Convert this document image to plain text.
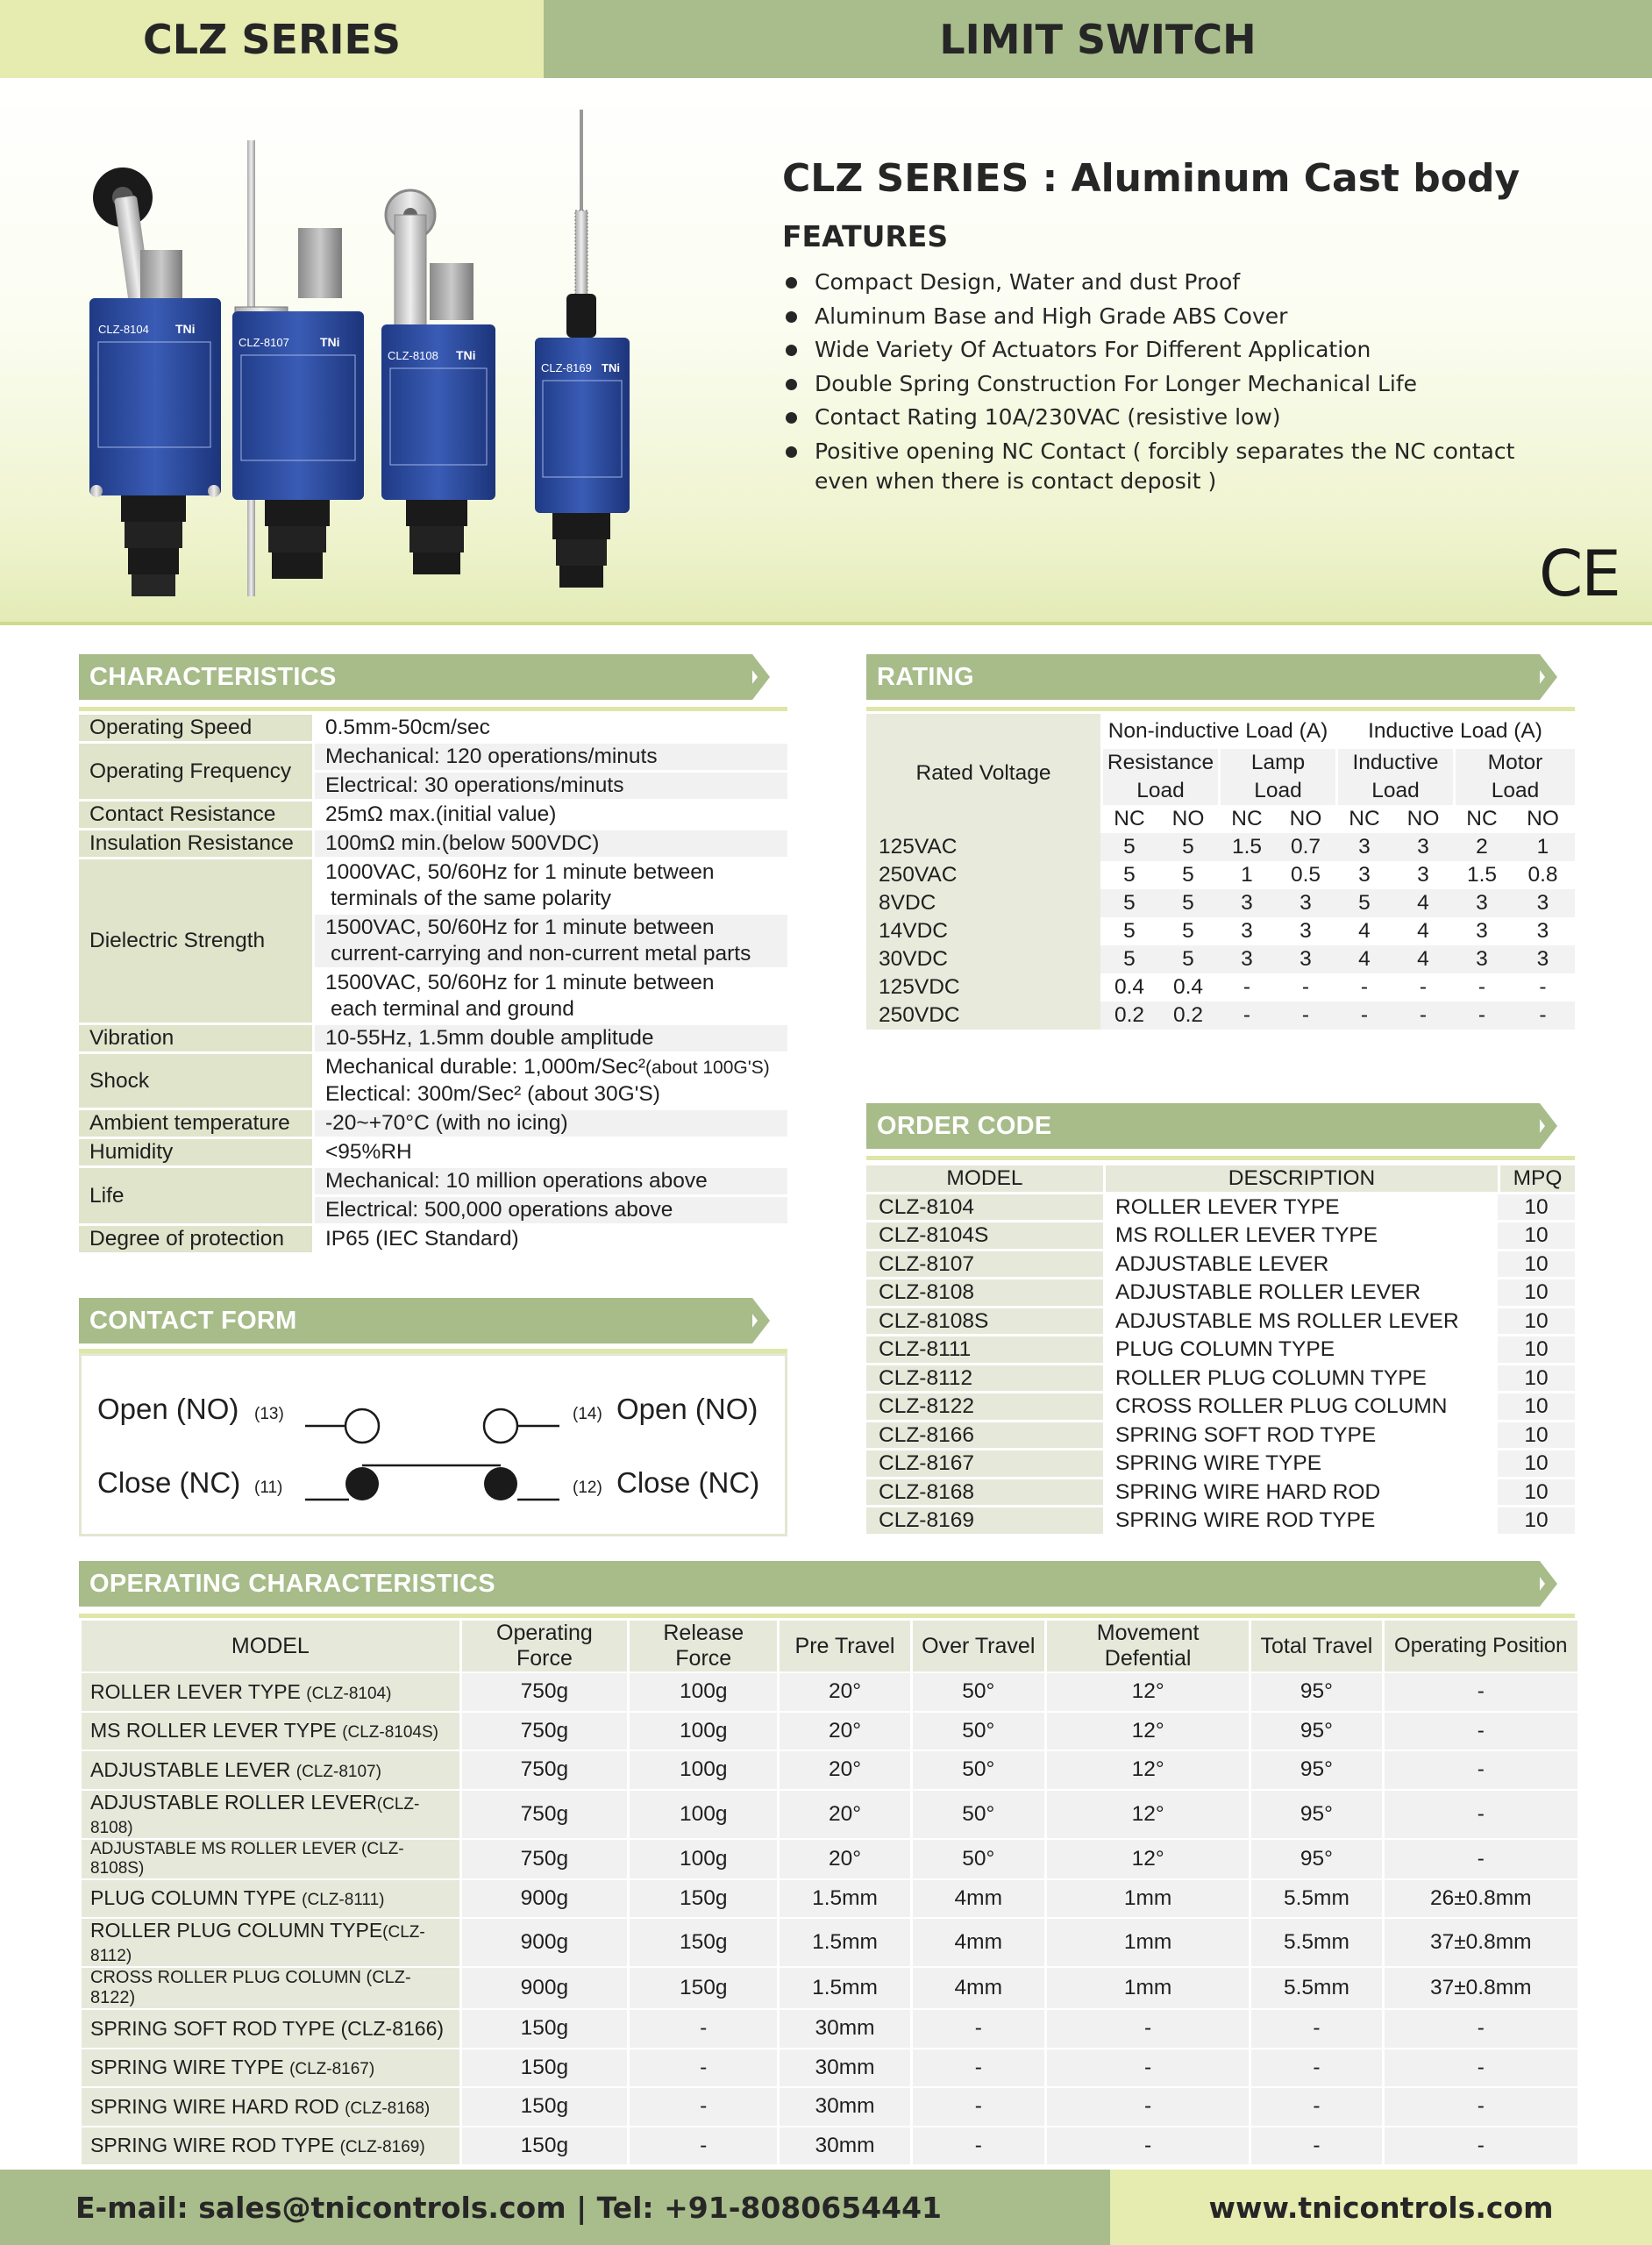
CLZ SERIES	LIMIT SWITCH
CLZ-8104 TNi
CLZ-8107	TNi
CLZ-8108 TNi
CLZ-8169 TNi
CLZ SERIES : Aluminum Cast body
FEATURES
Compact Design, Water and dust Proof
Aluminum Base and High Grade ABS Cover
Wide Variety Of Actuators For Different Application
Double Spring Construction For Longer Mechanical Life
Contact Rating 10A/230VAC (resistive low)
Positive opening NC Contact ( forcibly separates the NC contact even when there is contact deposit )
CE
CHARACTERISTICS
Operating Speed	0.5mm-50cm/sec
Operating Frequency	Mechanical: 120 operations/minuts
	Electrical: 30 operations/minuts
Contact Resistance	25mΩ max.(initial value)
Insulation Resistance	100mΩ min.(below 500VDC)
Dielectric Strength	1000VAC, 50/60Hz for 1 minute between
terminals of the same polarity

	1500VAC, 50/60Hz for 1 minute between
current-carrying and non-current metal parts

	1500VAC, 50/60Hz for 1 minute between
each terminal and ground

Vibration	10-55Hz, 1.5mm double amplitude
Shock	Mechanical durable: 1,000m/Sec²(about 100G'S)
Electical: 300m/Sec² (about 30G'S)

Ambient temperature	-20~+70°C (with no icing)
Humidity	<95%RH
Life	Mechanical: 10 million operations above
	Electrical: 500,000 operations above
Degree of protection	IP65 (IEC Standard)
CONTACT FORM
Open (NO) (13)	(14) Open (NO)
Close (NC) (11)	(12) Close (NC)
RATING
Rated Voltage	Non-inductive Load (A)				Inductive Load (A)			
	Resistance		Lamp		Inductive		Motor	
	Load		Load		Load		Load	
	NC	NO	NC	NO	NC	NO	NC	NO
125VAC	5	5	1.5	0.7	3	3	2	1
250VAC	5	5	1	0.5	3	3	1.5	0.8
8VDC	5	5	3	3	5	4	3	3
14VDC	5	5	3	3	4	4	3	3
30VDC	5	5	3	3	4	4	3	3
125VDC	0.4	0.4	-	-	-	-	-	-
250VDC	0.2	0.2	-	-	-	-	-	-
ORDER CODE
MODEL	DESCRIPTION	MPQ
CLZ-8104	ROLLER LEVER TYPE	10
CLZ-8104S	MS ROLLER LEVER TYPE	10
CLZ-8107	ADJUSTABLE LEVER	10
CLZ-8108	ADJUSTABLE ROLLER LEVER	10
CLZ-8108S	ADJUSTABLE MS ROLLER LEVER	10
CLZ-8111	PLUG COLUMN TYPE	10
CLZ-8112	ROLLER PLUG COLUMN TYPE	10
CLZ-8122	CROSS ROLLER PLUG COLUMN	10
CLZ-8166	SPRING SOFT ROD TYPE	10
CLZ-8167	SPRING WIRE TYPE	10
CLZ-8168	SPRING WIRE HARD ROD	10
CLZ-8169	SPRING WIRE ROD TYPE	10
OPERATING CHARACTERISTICS
MODEL	Operating Force	Release Force	Pre Travel	Over Travel	Movement Defential	Total Travel	Operating Position
ROLLER LEVER TYPE (CLZ-8104)	750g	100g	20°	50°	12°	95°	-
MS ROLLER LEVER TYPE (CLZ-8104S)	750g	100g	20°	50°	12°	95°	-
ADJUSTABLE LEVER (CLZ-8107)	750g	100g	20°	50°	12°	95°	-
ADJUSTABLE ROLLER LEVER(CLZ-8108)	750g	100g	20°	50°	12°	95°	-
ADJUSTABLE MS ROLLER LEVER (CLZ-8108S)	750g	100g	20°	50°	12°	95°	-
PLUG COLUMN TYPE (CLZ-8111)	900g	150g	1.5mm	4mm	1mm	5.5mm	26±0.8mm
ROLLER PLUG COLUMN TYPE(CLZ-8112)	900g	150g	1.5mm	4mm	1mm	5.5mm	37±0.8mm
CROSS ROLLER PLUG COLUMN (CLZ-8122)	900g	150g	1.5mm	4mm	1mm	5.5mm	37±0.8mm
SPRING SOFT ROD TYPE (CLZ-8166)	150g	-	30mm	-	-	-	-
SPRING WIRE TYPE (CLZ-8167)	150g	-	30mm	-	-	-	-
SPRING WIRE HARD ROD (CLZ-8168)	150g	-	30mm	-	-	-	-
SPRING WIRE ROD TYPE (CLZ-8169)	150g	-	30mm	-	-	-	-
E-mail: sales@tnicontrols.com | Tel: +91-8080654441	www.tnicontrols.com
